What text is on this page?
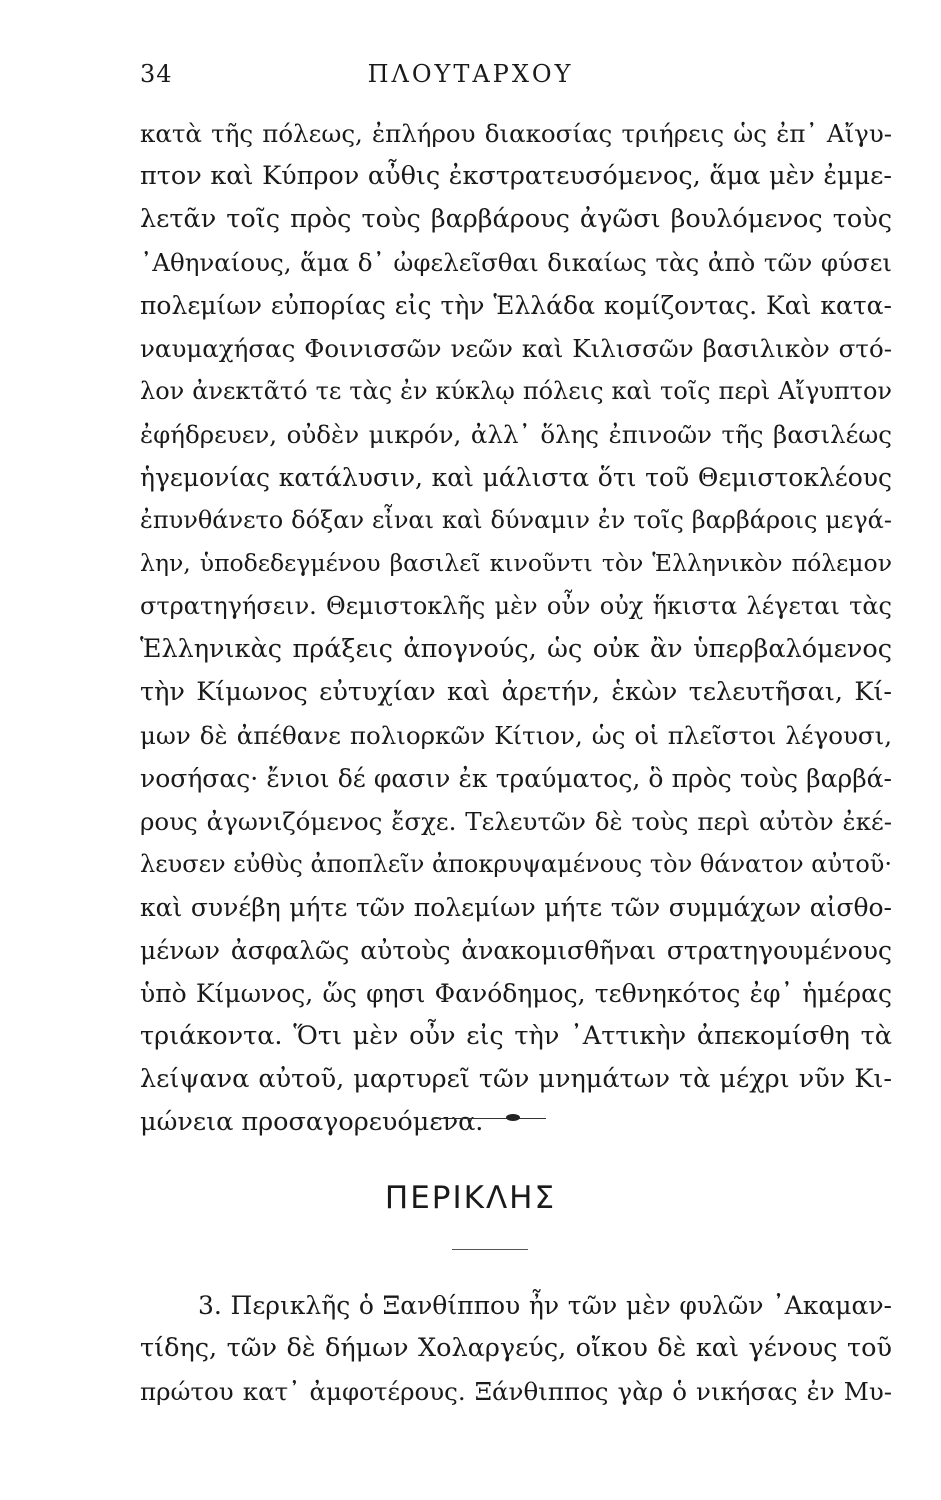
34	ΠΛΟΥΤΑΡΧΟΥ
κατὰ τῆς πόλεως, ἐπλήρου διακοσίας τριήρεις ὡς ἐπ᾽ Αἴγυ-
πτον καὶ Κύπρον αὖθις ἐκστρατευσόμενος, ἅμα μὲν ἐμμε-
λετᾶν τοῖς πρὸς τοὺς βαρβάρους ἀγῶσι βουλόμενος τοὺς
᾽Αθηναίους, ἅμα δ᾽ ὠφελεῖσθαι δικαίως τὰς ἀπὸ τῶν φύσει
πολεμίων εὐπορίας εἰς τὴν Ἑλλάδα κομίζοντας. Καὶ κατα-
ναυμαχήσας Φοινισσῶν νεῶν καὶ Κιλισσῶν βασιλικὸν στό-
λον ἀνεκτᾶτό τε τὰς ἐν κύκλῳ πόλεις καὶ τοῖς περὶ Αἴγυπτον
ἐφήδρευεν, οὐδὲν μικρόν, ἀλλ᾽ ὅλης ἐπινοῶν τῆς βασιλέως
ἡγεμονίας κατάλυσιν, καὶ μάλιστα ὅτι τοῦ Θεμιστοκλέους
ἐπυνθάνετο δόξαν εἶναι καὶ δύναμιν ἐν τοῖς βαρβάροις μεγά-
λην, ὑποδεδεγμένου βασιλεῖ κινοῦντι τὸν Ἑλληνικὸν πόλεμον
στρατηγήσειν. Θεμιστοκλῆς μὲν οὖν οὐχ ἥκιστα λέγεται τὰς
Ἑλληνικὰς πράξεις ἀπογνούς, ὡς οὐκ ἂν ὑπερβαλόμενος
τὴν Κίμωνος εὐτυχίαν καὶ ἀρετήν, ἑκὼν τελευτῆσαι, Κί-
μων δὲ ἀπέθανε πολιορκῶν Κίτιον, ὡς οἱ πλεῖστοι λέγουσι,
νοσήσας· ἔνιοι δέ φασιν ἐκ τραύματος, ὃ πρὸς τοὺς βαρβά-
ρους ἀγωνιζόμενος ἔσχε. Τελευτῶν δὲ τοὺς περὶ αὐτὸν ἐκέ-
λευσεν εὐθὺς ἀποπλεῖν ἀποκρυψαμένους τὸν θάνατον αὐτοῦ·
καὶ συνέβη μήτε τῶν πολεμίων μήτε τῶν συμμάχων αἰσθο-
μένων ἀσφαλῶς αὐτοὺς ἀνακομισθῆναι στρατηγουμένους
ὑπὸ Κίμωνος, ὥς φησι Φανόδημος, τεθνηκότος ἐφ᾽ ἡμέρας
τριάκοντα. Ὅτι μὲν οὖν εἰς τὴν ᾽Αττικὴν ἀπεκομίσθη τὰ
λείψανα αὐτοῦ, μαρτυρεῖ τῶν μνημάτων τὰ μέχρι νῦν Κι-
μώνεια προσαγορευόμενα.
ΠΕΡΙΚΛΗΣ
3. Περικλῆς ὁ Ξανθίππου ἦν τῶν μὲν φυλῶν ᾽Ακαμαν-
τίδης, τῶν δὲ δήμων Χολαργεύς, οἴκου δὲ καὶ γένους τοῦ
πρώτου κατ᾽ ἀμφοτέρους. Ξάνθιππος γὰρ ὁ νικήσας ἐν Μυ-
